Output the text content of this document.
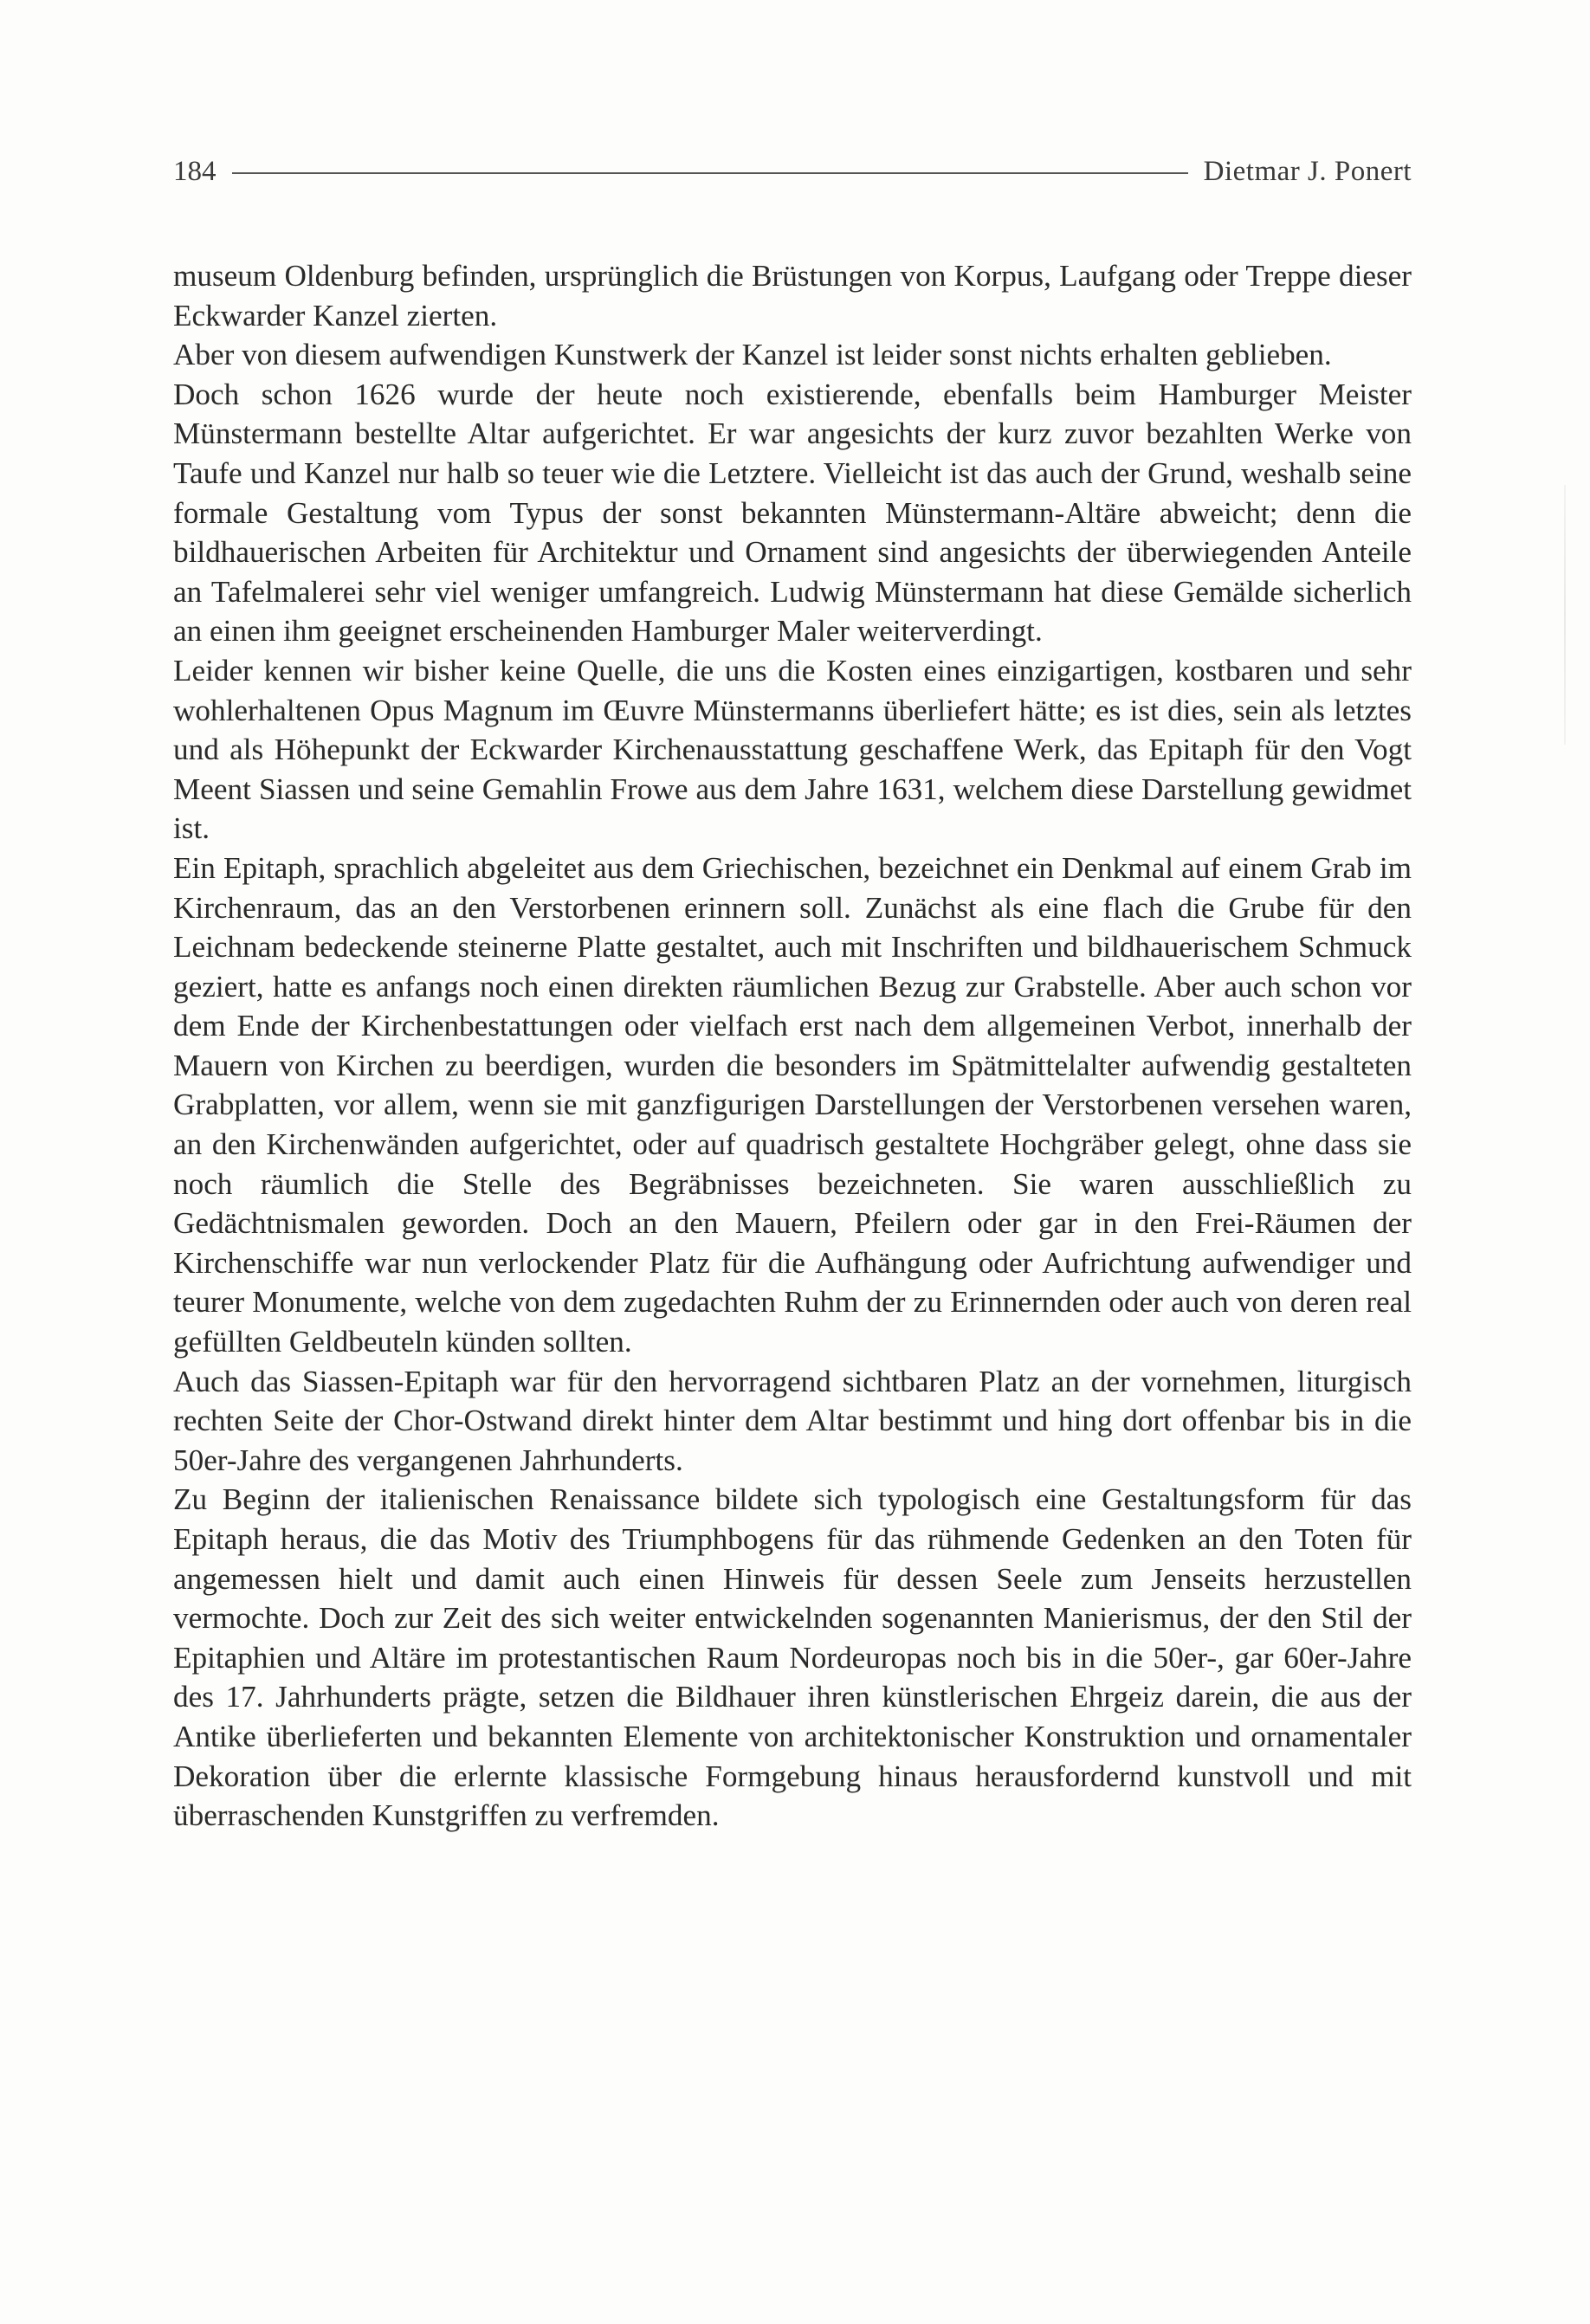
184	Dietmar J. Ponert

museum Oldenburg befinden, ursprünglich die Brüstungen von Korpus, Laufgang oder Treppe dieser Eckwarder Kanzel zierten.

Aber von diesem aufwendigen Kunstwerk der Kanzel ist leider sonst nichts erhalten geblieben.

Doch schon 1626 wurde der heute noch existierende, ebenfalls beim Hamburger Meister Münstermann bestellte Altar aufgerichtet. Er war angesichts der kurz zuvor bezahlten Werke von Taufe und Kanzel nur halb so teuer wie die Letztere. Vielleicht ist das auch der Grund, weshalb seine formale Gestaltung vom Typus der sonst bekannten Münstermann-Altäre abweicht; denn die bildhauerischen Arbeiten für Architektur und Ornament sind angesichts der überwiegenden Anteile an Tafelmalerei sehr viel weniger umfangreich. Ludwig Münstermann hat diese Gemälde sicherlich an einen ihm geeignet erscheinenden Hamburger Maler weiterverdingt.

Leider kennen wir bisher keine Quelle, die uns die Kosten eines einzigartigen, kostbaren und sehr wohlerhaltenen Opus Magnum im Œuvre Münstermanns überliefert hätte; es ist dies, sein als letztes und als Höhepunkt der Eckwarder Kirchenausstattung geschaffene Werk, das Epitaph für den Vogt Meent Siassen und seine Gemahlin Frowe aus dem Jahre 1631, welchem diese Darstellung gewidmet ist.

Ein Epitaph, sprachlich abgeleitet aus dem Griechischen, bezeichnet ein Denkmal auf einem Grab im Kirchenraum, das an den Verstorbenen erinnern soll. Zunächst als eine flach die Grube für den Leichnam bedeckende steinerne Platte gestaltet, auch mit Inschriften und bildhauerischem Schmuck geziert, hatte es anfangs noch einen direkten räumlichen Bezug zur Grabstelle. Aber auch schon vor dem Ende der Kirchenbestattungen oder vielfach erst nach dem allgemeinen Verbot, innerhalb der Mauern von Kirchen zu beerdigen, wurden die besonders im Spätmittelalter aufwendig gestalteten Grabplatten, vor allem, wenn sie mit ganzfigurigen Darstellungen der Verstorbenen versehen waren, an den Kirchenwänden aufgerichtet, oder auf quadrisch gestaltete Hochgräber gelegt, ohne dass sie noch räumlich die Stelle des Begräbnisses bezeichneten. Sie waren ausschließlich zu Gedächtnismalen geworden. Doch an den Mauern, Pfeilern oder gar in den Frei-Räumen der Kirchenschiffe war nun verlockender Platz für die Aufhängung oder Aufrichtung aufwendiger und teurer Monumente, welche von dem zugedachten Ruhm der zu Erinnernden oder auch von deren real gefüllten Geldbeuteln künden sollten.

Auch das Siassen-Epitaph war für den hervorragend sichtbaren Platz an der vornehmen, liturgisch rechten Seite der Chor-Ostwand direkt hinter dem Altar bestimmt und hing dort offenbar bis in die 50er-Jahre des vergangenen Jahrhunderts.

Zu Beginn der italienischen Renaissance bildete sich typologisch eine Gestaltungsform für das Epitaph heraus, die das Motiv des Triumphbogens für das rühmende Gedenken an den Toten für angemessen hielt und damit auch einen Hinweis für dessen Seele zum Jenseits herzustellen vermochte. Doch zur Zeit des sich weiter entwickelnden sogenannten Manierismus, der den Stil der Epitaphien und Altäre im protestantischen Raum Nordeuropas noch bis in die 50er-, gar 60er-Jahre des 17. Jahrhunderts prägte, setzen die Bildhauer ihren künstlerischen Ehrgeiz darein, die aus der Antike überlieferten und bekannten Elemente von architektonischer Konstruktion und ornamentaler Dekoration über die erlernte klassische Formgebung hinaus herausfordernd kunstvoll und mit überraschenden Kunstgriffen zu verfremden.
